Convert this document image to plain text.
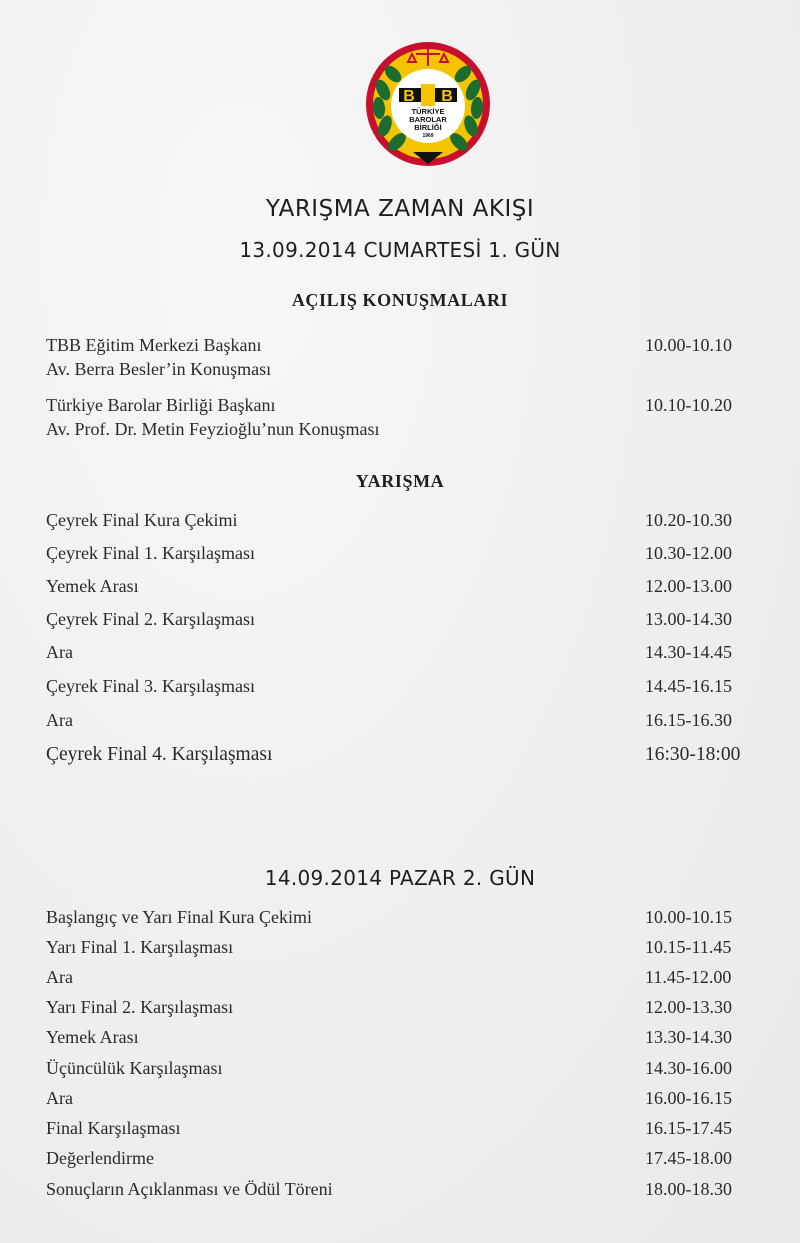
B B
TÜRKİYE
BAROLAR
BİRLİĞİ
1969
YARIŞMA ZAMAN AKIŞI
13.09.2014 CUMARTESİ 1. GÜN
AÇILIŞ KONUŞMALARI
TBB Eğitim Merkezi Başkanı
Av. Berra Besler’in Konuşması
10.00-10.10
Türkiye Barolar Birliği Başkanı
Av. Prof. Dr. Metin Feyzioğlu’nun Konuşması
10.10-10.20
YARIŞMA
Çeyrek Final Kura Çekimi	10.20-10.30
Çeyrek Final 1. Karşılaşması	10.30-12.00
Yemek Arası	12.00-13.00
Çeyrek Final 2. Karşılaşması	13.00-14.30
Ara	14.30-14.45
Çeyrek Final 3. Karşılaşması	14.45-16.15
Ara	16.15-16.30
Çeyrek Final 4. Karşılaşması	16:30-18:00
14.09.2014 PAZAR 2. GÜN
Başlangıç ve Yarı Final Kura Çekimi	10.00-10.15
Yarı Final 1. Karşılaşması	10.15-11.45
Ara	11.45-12.00
Yarı Final 2. Karşılaşması	12.00-13.30
Yemek Arası	13.30-14.30
Üçüncülük Karşılaşması	14.30-16.00
Ara	16.00-16.15
Final Karşılaşması	16.15-17.45
Değerlendirme	17.45-18.00
Sonuçların Açıklanması ve Ödül Töreni	18.00-18.30
